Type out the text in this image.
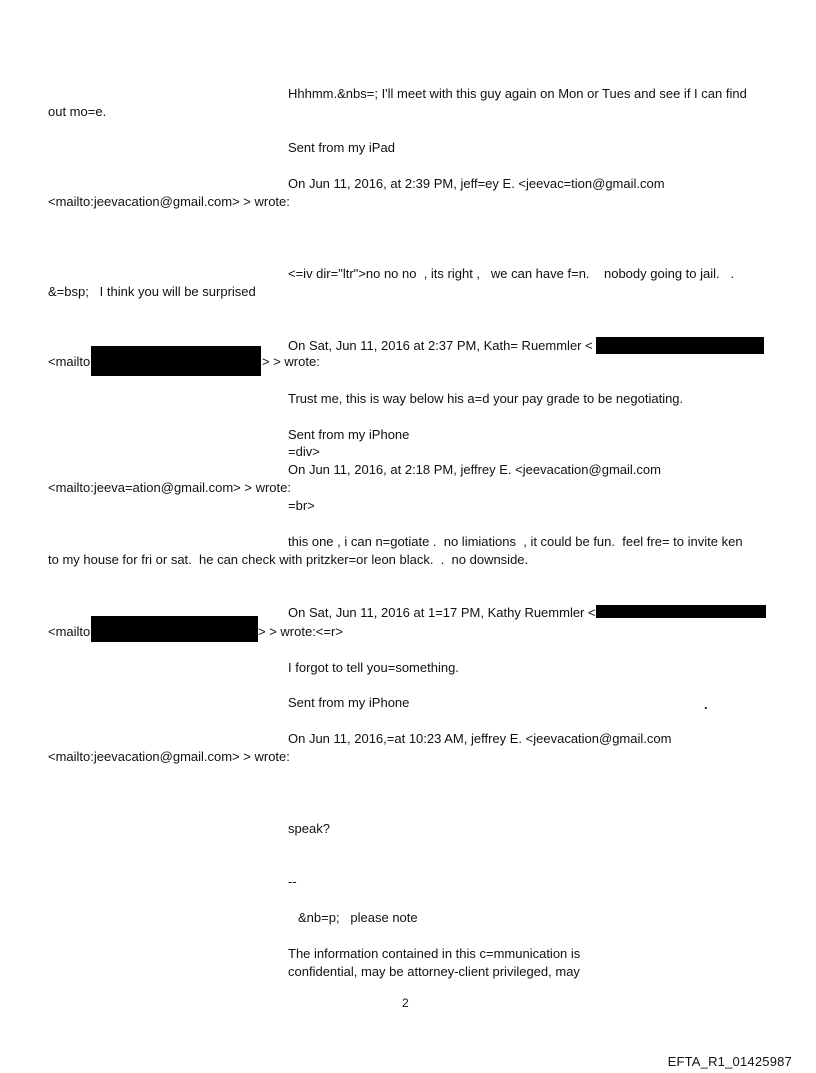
Hhhmm.&nbs=; I'll meet with this guy again on Mon or Tues and see if I can find
out mo=e.
Sent from my iPad
On Jun 11, 2016, at 2:39 PM, jeff=ey E. <jeevac=tion@gmail.com
<mailto:jeevacation@gmail.com> > wrote:
<=iv dir="ltr">no no no  , its right ,   we can have f=n.    nobody going to jail.   .
&=bsp;   I think you will be surprised
On Sat, Jun 11, 2016 at 2:37 PM, Kath= Ruemmler <
<mailto	> > wrote:
Trust me, this is way below his a=d your pay grade to be negotiating.
Sent from my iPhone
=div>
On Jun 11, 2016, at 2:18 PM, jeffrey E. <jeevacation@gmail.com
<mailto:jeeva=ation@gmail.com> > wrote:
=br>
this one , i can n=gotiate .  no limiations  , it could be fun.  feel fre= to invite ken
to my house for fri or sat.  he can check with pritzker=or leon black.  .  no downside.
On Sat, Jun 11, 2016 at 1=17 PM, Kathy Ruemmler <
<mailto	> > wrote:<=r>
I forgot to tell you=something.
Sent from my iPhone	.
On Jun 11, 2016,=at 10:23 AM, jeffrey E. <jeevacation@gmail.com
<mailto:jeevacation@gmail.com> > wrote:
speak?
--
&nb=p;   please note
The information contained in this c=mmunication is
confidential, may be attorney-client privileged, may
2
EFTA_R1_01425987
